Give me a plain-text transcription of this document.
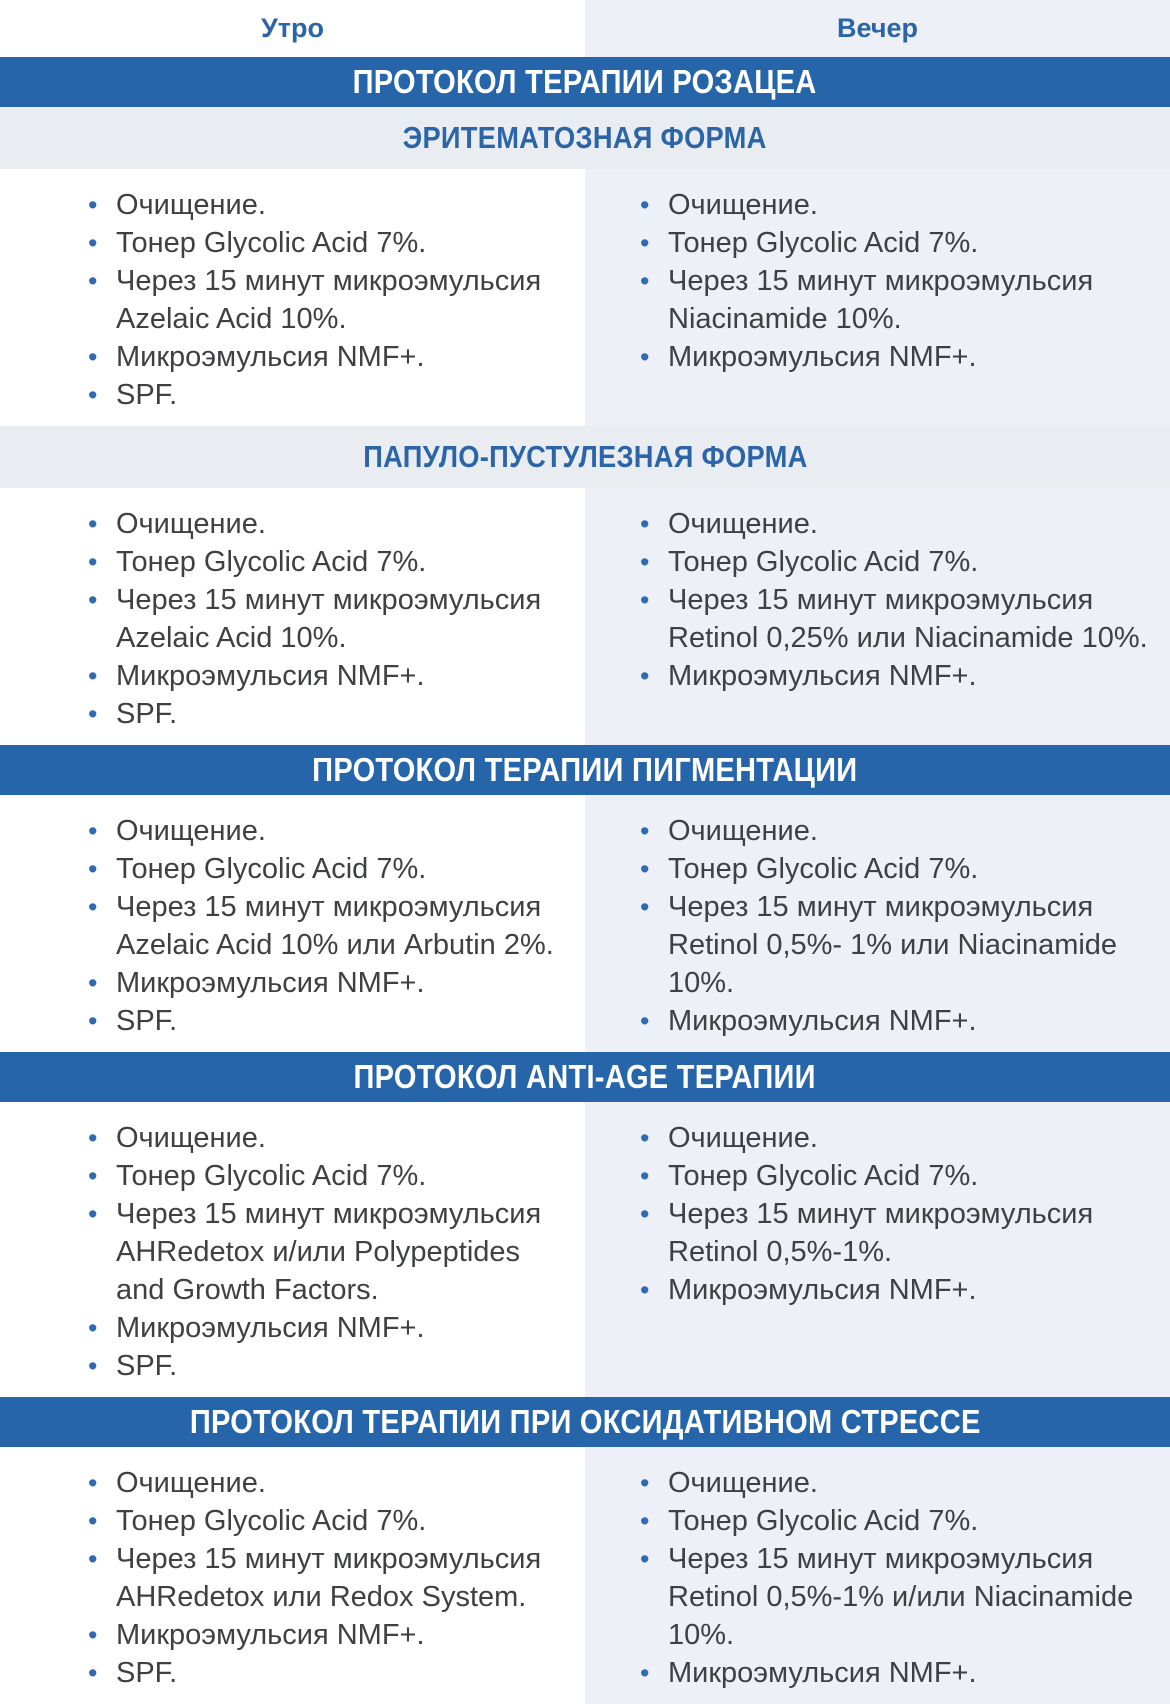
Утро	Вечер
ПРОТОКОЛ ТЕРАПИИ РОЗАЦЕА
ЭРИТЕМАТОЗНАЯ ФОРМА
• Очищение.
• Тонер Glycolic Acid 7%.
• Через 15 минут микроэмульсия Azelaic Acid 10%.
• Микроэмульсия NMF+.
• SPF.
• Очищение.
• Тонер Glycolic Acid 7%.
• Через 15 минут микроэмульсия Niacinamide 10%.
• Микроэмульсия NMF+.
ПАПУЛО-ПУСТУЛЕЗНАЯ ФОРМА
• Очищение.
• Тонер Glycolic Acid 7%.
• Через 15 минут микроэмульсия Azelaic Acid 10%.
• Микроэмульсия NMF+.
• SPF.
• Очищение.
• Тонер Glycolic Acid 7%.
• Через 15 минут микроэмульсия Retinol 0,25% или Niacinamide 10%.
• Микроэмульсия NMF+.
ПРОТОКОЛ ТЕРАПИИ ПИГМЕНТАЦИИ
• Очищение.
• Тонер Glycolic Acid 7%.
• Через 15 минут микроэмульсия Azelaic Acid 10% или Arbutin 2%.
• Микроэмульсия NMF+.
• SPF.
• Очищение.
• Тонер Glycolic Acid 7%.
• Через 15 минут микроэмульсия Retinol 0,5%- 1% или Niacinamide 10%.
• Микроэмульсия NMF+.
ПРОТОКОЛ ANTI-AGE ТЕРАПИИ
• Очищение.
• Тонер Glycolic Acid 7%.
• Через 15 минут микроэмульсия AHRedetox и/или Polypeptides and Growth Factors.
• Микроэмульсия NMF+.
• SPF.
• Очищение.
• Тонер Glycolic Acid 7%.
• Через 15 минут микроэмульсия Retinol 0,5%-1%.
• Микроэмульсия NMF+.
ПРОТОКОЛ ТЕРАПИИ ПРИ ОКСИДАТИВНОМ СТРЕССЕ
• Очищение.
• Тонер Glycolic Acid 7%.
• Через 15 минут микроэмульсия AHRedetox или Redox System.
• Микроэмульсия NMF+.
• SPF.
• Очищение.
• Тонер Glycolic Acid 7%.
• Через 15 минут микроэмульсия Retinol 0,5%-1% и/или Niacinamide 10%.
• Микроэмульсия NMF+.
